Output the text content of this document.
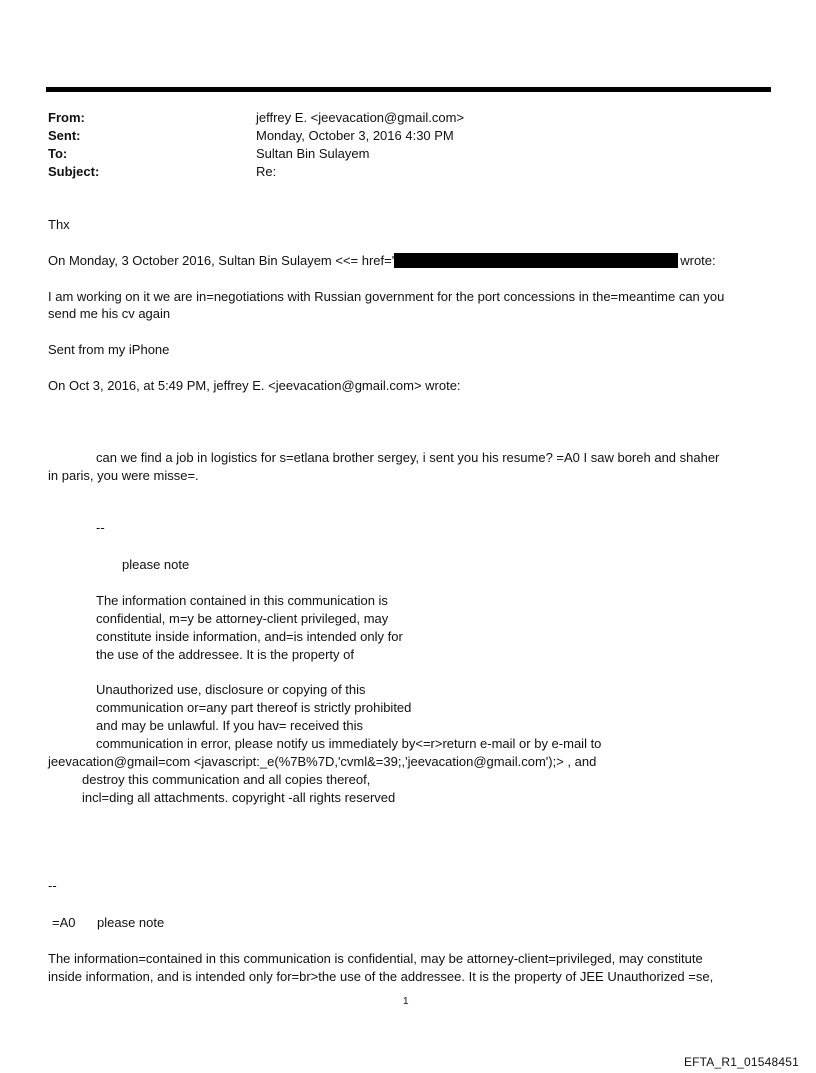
From:	jeffrey E. <jeevacation@gmail.com>
Sent:	Monday, October 3, 2016 4:30 PM
To:	Sultan Bin Sulayem
Subject:	Re:
Thx
On Monday, 3 October 2016, Sultan Bin Sulayem <<= href='	wrote:
I am working on it we are in=negotiations with Russian government for the port concessions in the=meantime can you
send me his cv again
Sent from my iPhone
On Oct 3, 2016, at 5:49 PM, jeffrey E. <jeevacation@gmail.com> wrote:
can we find a job in logistics for s=etlana brother sergey, i sent you his resume? =A0 I saw boreh and shaher
in paris, you were misse=.
--
please note
The information contained in this communication is
confidential, m=y be attorney-client privileged, may
constitute inside information, and=is intended only for
the use of the addressee. It is the property of
Unauthorized use, disclosure or copying of this
communication or=any part thereof is strictly prohibited
and may be unlawful. If you hav= received this
communication in error, please notify us immediately by<=r>return e-mail or by e-mail to
jeevacation@gmail=com <javascript:_e(%7B%7D,'cvml&=39;,'jeevacation@gmail.com');> , and
destroy this communication and all copies thereof,
incl=ding all attachments. copyright -all rights reserved
--
=A0 please note
The information=contained in this communication is confidential, may be attorney-client=privileged, may constitute
inside information, and is intended only for=br>the use of the addressee. It is the property of JEE Unauthorized =se,
1
EFTA_R1_01548451
